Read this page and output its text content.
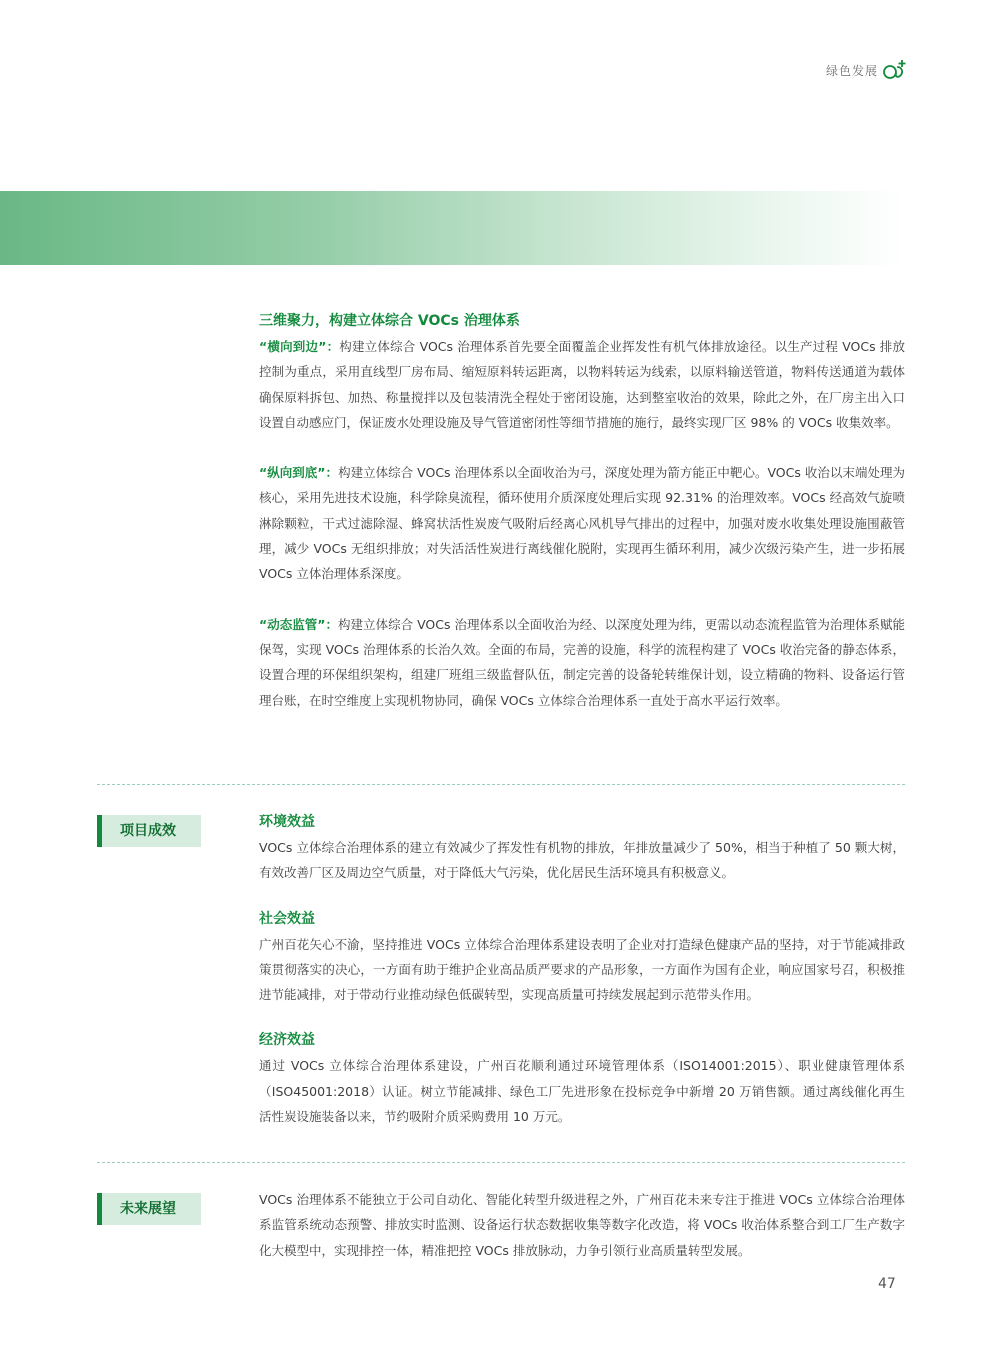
绿色发展
三维聚力，构建立体综合 VOCs 治理体系

“横向到边”：构建立体综合 VOCs 治理体系首先要全面覆盖企业挥发性有机气体排放途径。以生产过程 VOCs 排放控制为重点，采用直线型厂房布局、缩短原料转运距离，以物料转运为线索，以原料输送管道，物料传送通道为载体确保原料拆包、加热、称量搅拌以及包装清洗全程处于密闭设施，达到整室收治的效果，除此之外，在厂房主出入口设置自动感应门，保证废水处理设施及导气管道密闭性等细节措施的施行，最终实现厂区 98% 的 VOCs 收集效率。

“纵向到底”：构建立体综合 VOCs 治理体系以全面收治为弓，深度处理为箭方能正中靶心。VOCs 收治以末端处理为核心，采用先进技术设施，科学除臭流程，循环使用介质深度处理后实现 92.31% 的治理效率。VOCs 经高效气旋喷淋除颗粒，干式过滤除湿、蜂窝状活性炭废气吸附后经离心风机导气排出的过程中，加强对废水收集处理设施围蔽管理，减少 VOCs 无组织排放；对失活活性炭进行离线催化脱附，实现再生循环利用，减少次级污染产生，进一步拓展 VOCs 立体治理体系深度。

“动态监管”：构建立体综合 VOCs 治理体系以全面收治为经、以深度处理为纬，更需以动态流程监管为治理体系赋能保驾，实现 VOCs 治理体系的长治久效。全面的布局，完善的设施，科学的流程构建了 VOCs 收治完备的静态体系，设置合理的环保组织架构，组建厂班组三级监督队伍，制定完善的设备轮转维保计划，设立精确的物料、设备运行管理台账，在时空维度上实现机物协同，确保 VOCs 立体综合治理体系一直处于高水平运行效率。

项目成效
环境效益

VOCs 立体综合治理体系的建立有效减少了挥发性有机物的排放，年排放量减少了 50%，相当于种植了 50 颗大树，有效改善厂区及周边空气质量，对于降低大气污染，优化居民生活环境具有积极意义。

社会效益

广州百花矢心不渝，坚持推进 VOCs 立体综合治理体系建设表明了企业对打造绿色健康产品的坚持，对于节能减排政策贯彻落实的决心，一方面有助于维护企业高品质严要求的产品形象，一方面作为国有企业，响应国家号召，积极推进节能减排，对于带动行业推动绿色低碳转型，实现高质量可持续发展起到示范带头作用。

经济效益

通过 VOCs 立体综合治理体系建设，广州百花顺利通过环境管理体系（ISO14001:2015）、职业健康管理体系（ISO45001:2018）认证。树立节能减排、绿色工厂先进形象在投标竞争中新增 20 万销售额。通过离线催化再生活性炭设施装备以来，节约吸附介质采购费用 10 万元。

未来展望

VOCs 治理体系不能独立于公司自动化、智能化转型升级进程之外，广州百花未来专注于推进 VOCs 立体综合治理体系监管系统动态预警、排放实时监测、设备运行状态数据收集等数字化改造，将 VOCs 收治体系整合到工厂生产数字化大模型中，实现排控一体，精准把控 VOCs 排放脉动，力争引领行业高质量转型发展。

47
